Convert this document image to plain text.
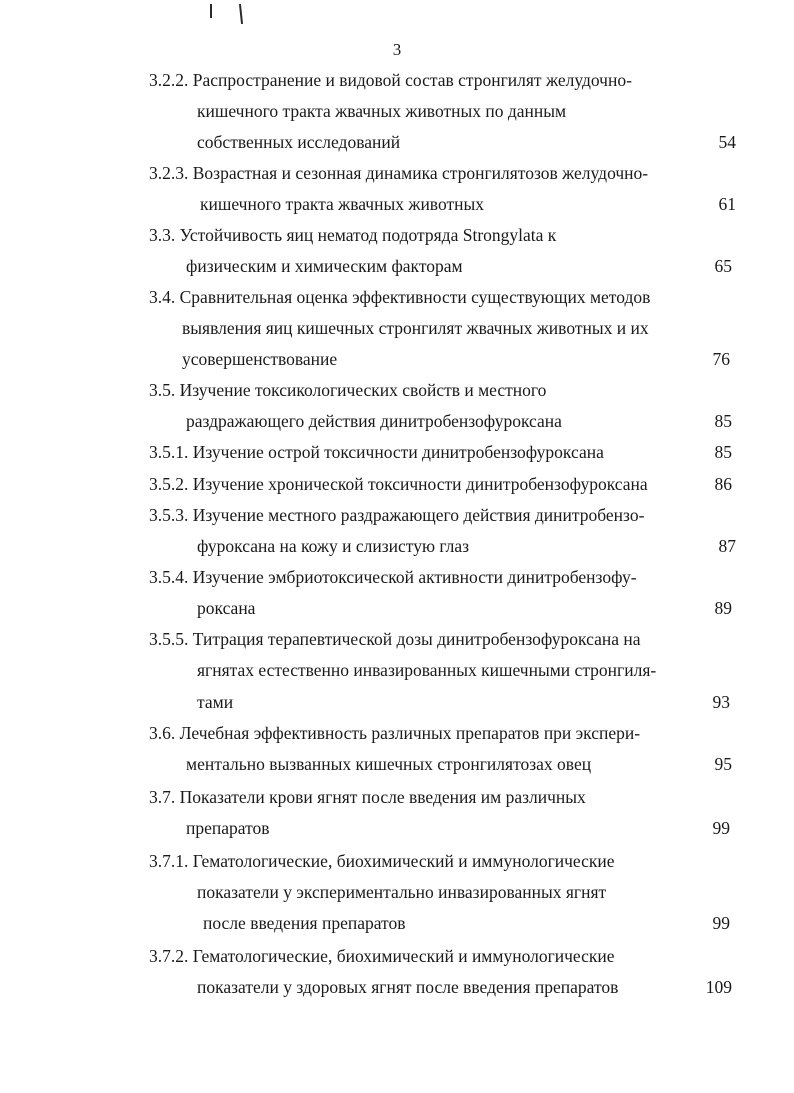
3
3.2.2. Распространение и видовой состав стронгилят желудочно-
кишечного тракта жвачных животных по данным
собственных исследований	54
3.2.3. Возрастная и сезонная динамика стронгилятозов желудочно-
кишечного тракта жвачных животных	61
3.3. Устойчивость яиц нематод подотряда Strongylata к
физическим и химическим факторам	65
3.4. Сравнительная оценка эффективности существующих методов
выявления яиц кишечных стронгилят жвачных животных и их
усовершенствование	76
3.5. Изучение токсикологических свойств и местного
раздражающего действия динитробензофуроксана	85
3.5.1. Изучение острой токсичности динитробензофуроксана	85
3.5.2. Изучение хронической токсичности динитробензофуроксана	86
3.5.3. Изучение местного раздражающего действия динитробензо-
фуроксана на кожу и слизистую глаз	87
3.5.4. Изучение эмбриотоксической активности динитробензофу-
роксана	89
3.5.5. Титрация терапевтической дозы динитробензофуроксана на
ягнятах естественно инвазированных кишечными стронгиля-
тами	93
3.6. Лечебная эффективность различных препаратов при экспери-
ментально вызванных кишечных стронгилятозах овец	95
3.7. Показатели крови ягнят после введения им различных
препаратов	99
3.7.1. Гематологические, биохимический и иммунологические
показатели у экспериментально инвазированных ягнят
после введения препаратов	99
3.7.2. Гематологические, биохимический и иммунологические
показатели у здоровых ягнят после введения препаратов	109
